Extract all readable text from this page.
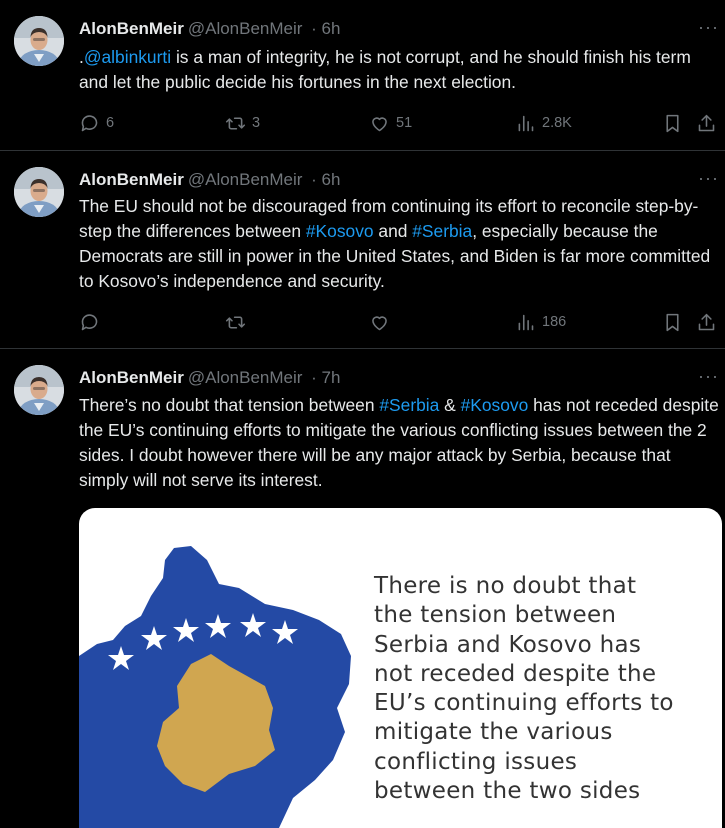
AlonBenMeir @AlonBenMeir · 6h	···
.@albinkurti is a man of integrity, he is not corrupt, and he should finish his term and let the public decide his fortunes in the next election.
6	3	51	2.8K
AlonBenMeir @AlonBenMeir · 6h	···
The EU should not be discouraged from continuing its effort to reconcile step-by-step the differences between #Kosovo and #Serbia, especially because the Democrats are still in power in the United States, and Biden is far more committed to Kosovo’s independence and security.
186
AlonBenMeir @AlonBenMeir · 7h	···
There’s no doubt that tension between #Serbia & #Kosovo has not receded despite the EU’s continuing efforts to mitigate the various conflicting issues between the 2 sides. I doubt however there will be any major attack by Serbia, because that simply will not serve its interest.
There is no doubt that
the tension between
Serbia and Kosovo has
not receded despite the
EU’s continuing efforts to
mitigate the various
conflicting issues
between the two sides
